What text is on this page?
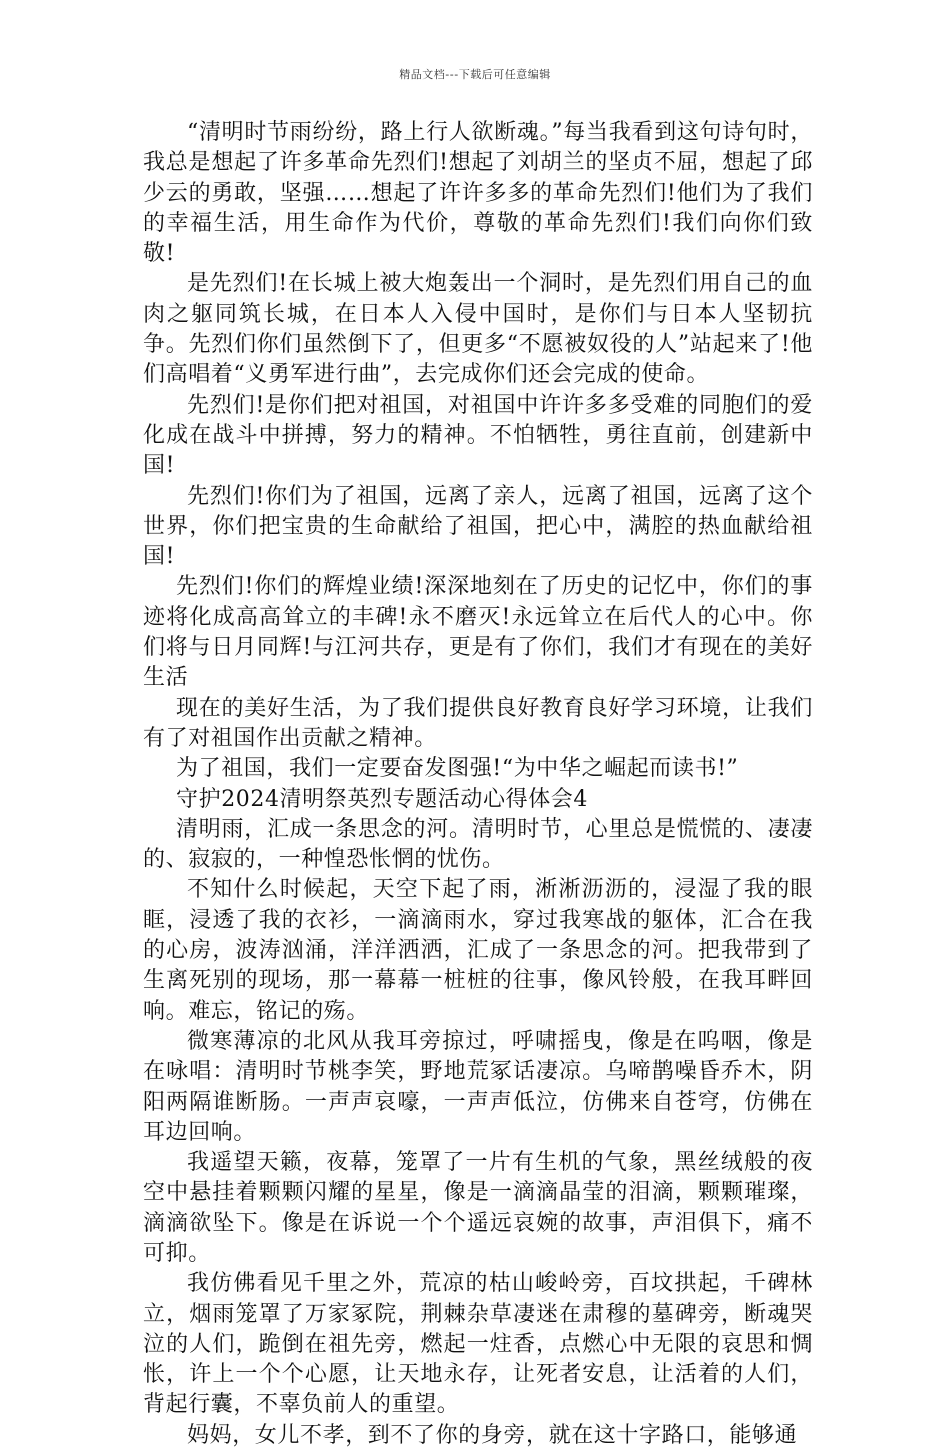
精品文档---下载后可任意编辑

“清明时节雨纷纷，路上行人欲断魂。”每当我看到这句诗句时，我总是想起了许多革命先烈们!想起了刘胡兰的坚贞不屈，想起了邱少云的勇敢，坚强……想起了许许多多的革命先烈们!他们为了我们的幸福生活，用生命作为代价，尊敬的革命先烈们!我们向你们致敬!

是先烈们!在长城上被大炮轰出一个洞时，是先烈们用自己的血肉之躯同筑长城，在日本人入侵中国时，是你们与日本人坚韧抗争。先烈们你们虽然倒下了，但更多“不愿被奴役的人”站起来了!他们高唱着“义勇军进行曲”，去完成你们还会完成的使命。

先烈们!是你们把对祖国，对祖国中许许多多受难的同胞们的爱化成在战斗中拼搏，努力的精神。不怕牺牲，勇往直前，创建新中国!

先烈们!你们为了祖国，远离了亲人，远离了祖国，远离了这个世界，你们把宝贵的生命献给了祖国，把心中，满腔的热血献给祖国!

先烈们!你们的辉煌业绩!深深地刻在了历史的记忆中，你们的事迹将化成高高耸立的丰碑!永不磨灭!永远耸立在后代人的心中。你们将与日月同辉!与江河共存，更是有了你们，我们才有现在的美好生活

现在的美好生活，为了我们提供良好教育良好学习环境，让我们有了对祖国作出贡献之精神。

为了祖国，我们一定要奋发图强!“为中华之崛起而读书!”

守护2024清明祭英烈专题活动心得体会4

清明雨，汇成一条思念的河。清明时节，心里总是慌慌的、凄凄的、寂寂的，一种惶恐怅惘的忧伤。

不知什么时候起，天空下起了雨，淅淅沥沥的，浸湿了我的眼眶，浸透了我的衣衫，一滴滴雨水，穿过我寒战的躯体，汇合在我的心房，波涛汹涌，洋洋洒洒，汇成了一条思念的河。把我带到了生离死别的现场，那一幕幕一桩桩的往事，像风铃般，在我耳畔回响。难忘，铭记的殇。

微寒薄凉的北风从我耳旁掠过，呼啸摇曳，像是在呜咽，像是在咏唱：清明时节桃李笑，野地荒冢话凄凉。乌啼鹊噪昏乔木，阴阳两隔谁断肠。一声声哀嚎，一声声低泣，仿佛来自苍穹，仿佛在耳边回响。

我遥望天籁，夜幕，笼罩了一片有生机的气象，黑丝绒般的夜空中悬挂着颗颗闪耀的星星，像是一滴滴晶莹的泪滴，颗颗璀璨，滴滴欲坠下。像是在诉说一个个遥远哀婉的故事，声泪俱下，痛不可抑。

我仿佛看见千里之外，荒凉的枯山峻岭旁，百坟拱起，千碑林立，烟雨笼罩了万家冢院，荆棘杂草凄迷在肃穆的墓碑旁，断魂哭泣的人们，跪倒在祖先旁，燃起一炷香，点燃心中无限的哀思和惆怅，许上一个个心愿，让天地永存，让死者安息，让活着的人们，背起行囊，不辜负前人的重望。

妈妈，女儿不孝，到不了你的身旁，就在这十字路口，能够通
